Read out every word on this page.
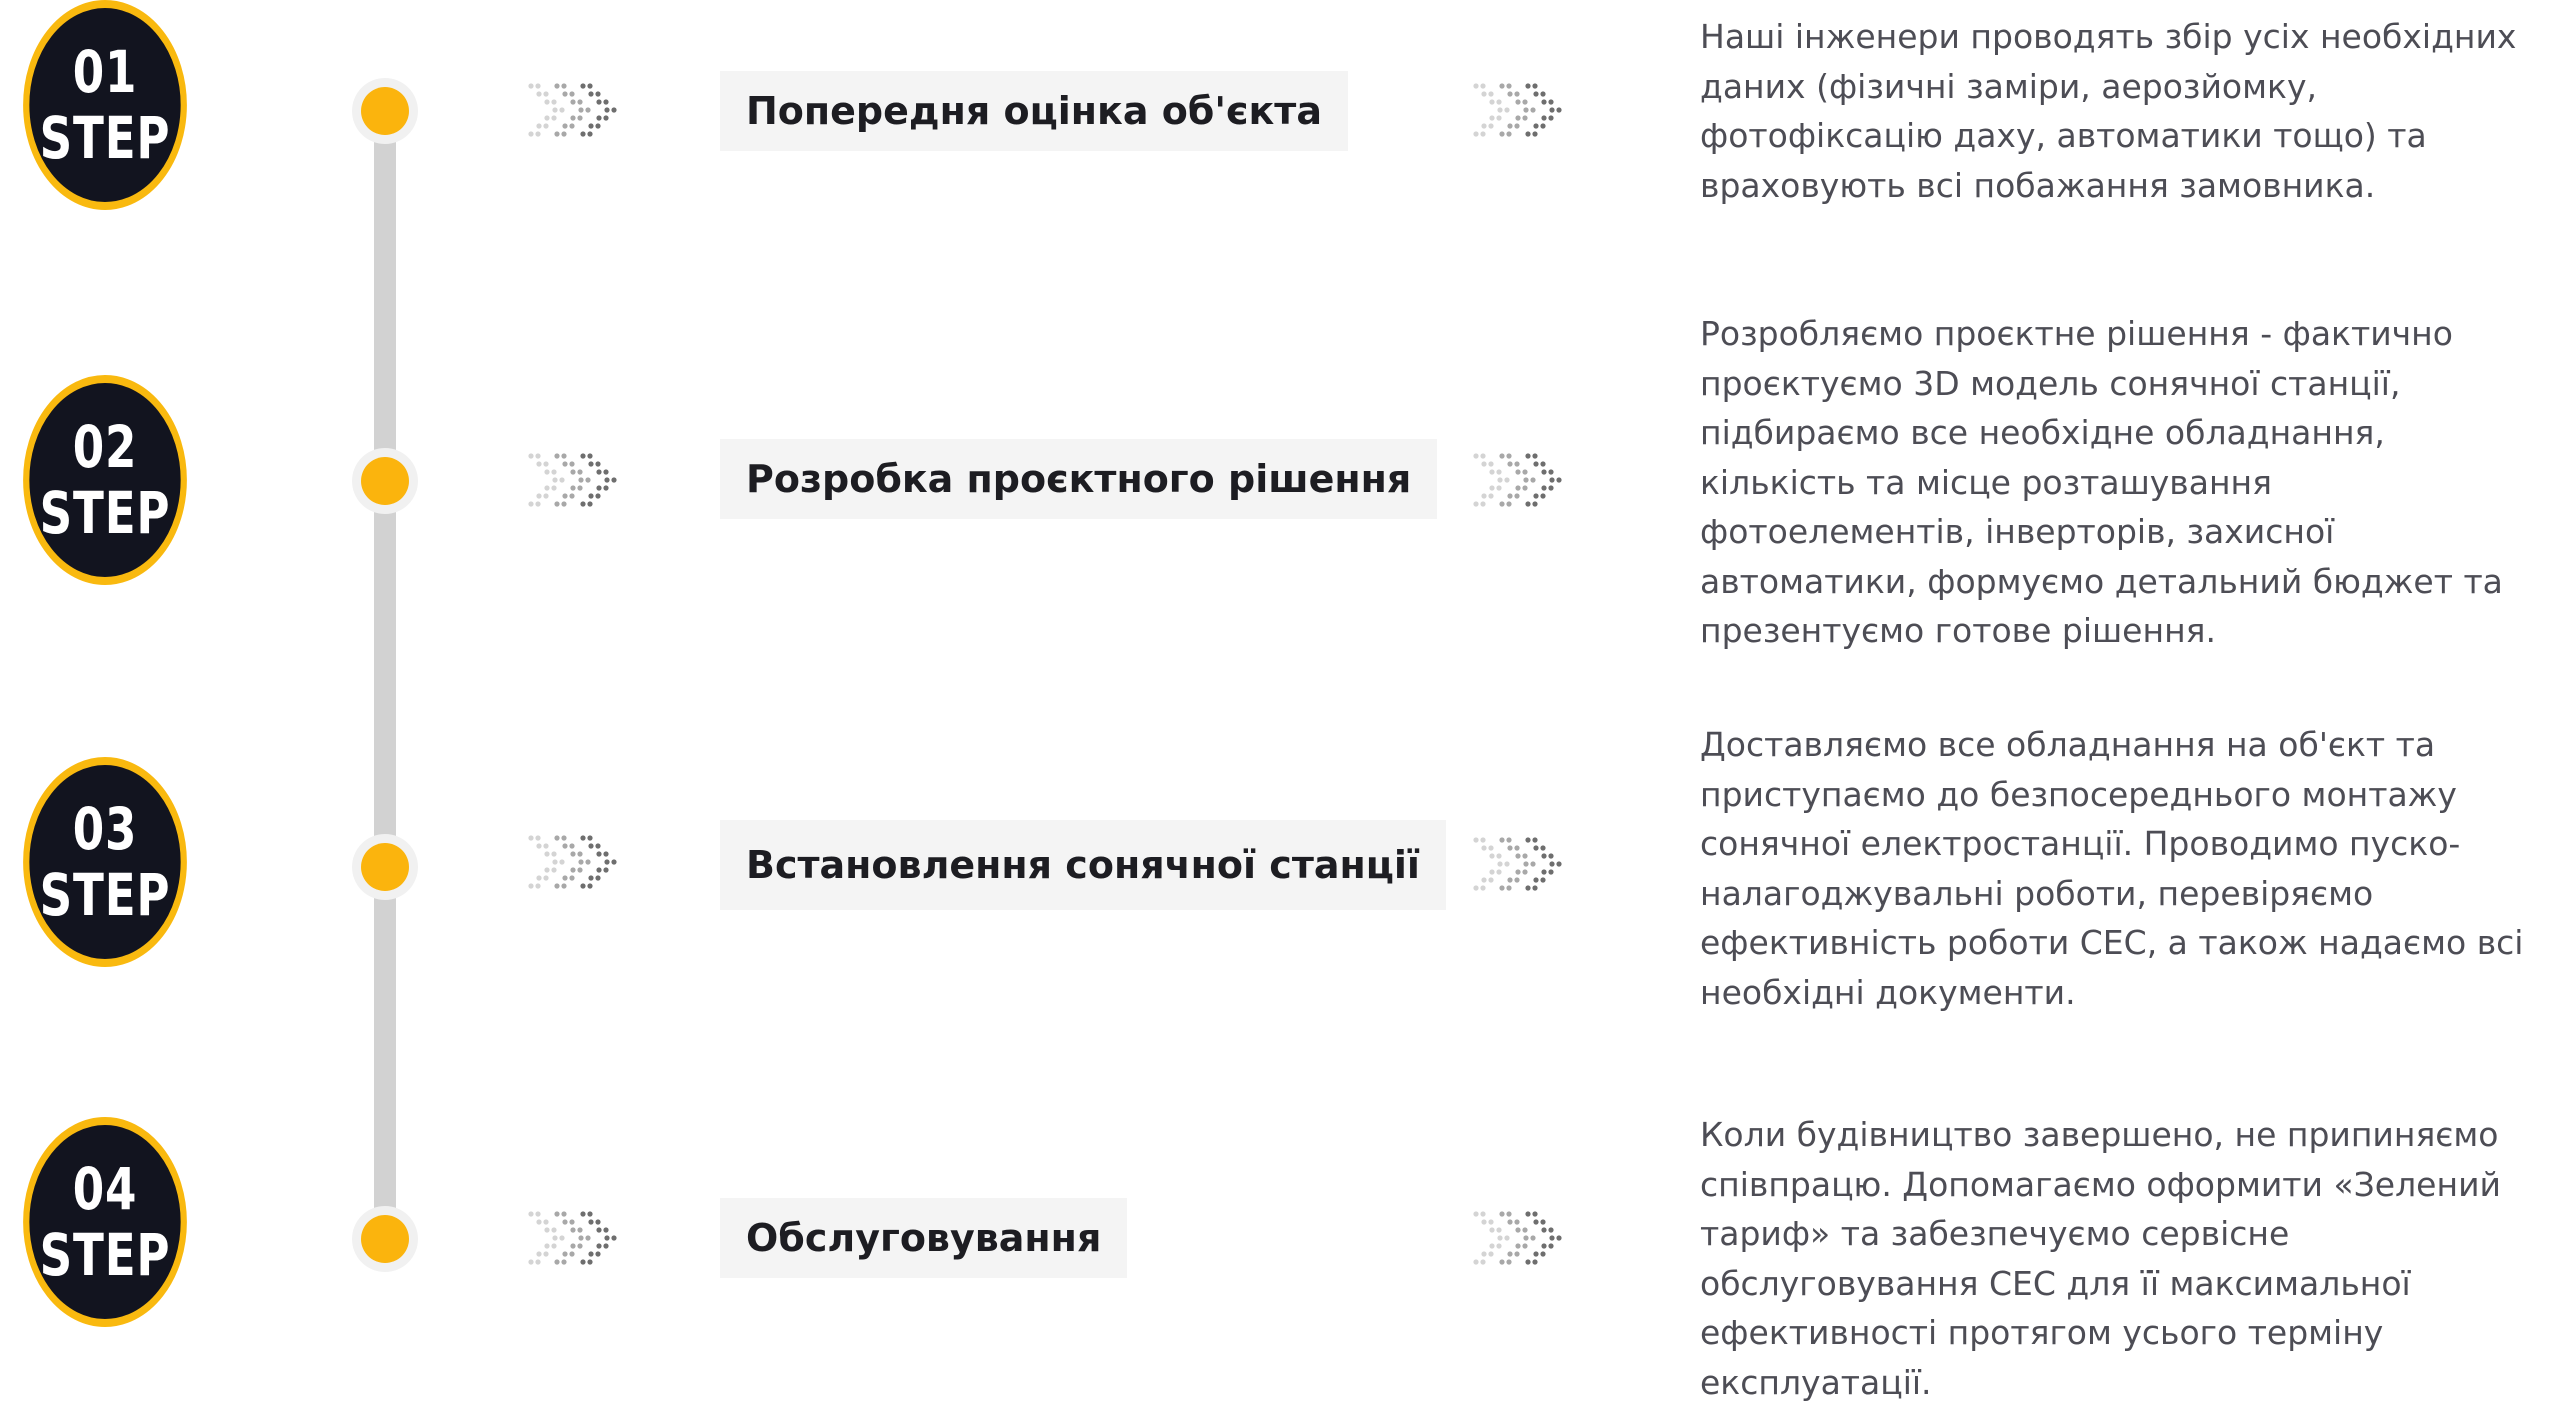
01
STEP	Попередня оцінка об'єкта

Наші інженери проводять збір усіх необхідних даних (фізичні заміри, аерозйомку, фотофіксацію даху, автоматики тощо) та враховують всі побажання замовника.

02
STEP	Розробка проєктного рішення

Розробляємо проєктне рішення - фактично проєктуємо 3D модель сонячної станції, підбираємо все необхідне обладнання, кількість та місце розташування фотоелементів, інверторів, захисної автоматики, формуємо детальний бюджет та презентуємо готове рішення.

03
STEP	Встановлення сонячної станції

Доставляємо все обладнання на об'єкт та приступаємо до безпосереднього монтажу сонячної електростанції. Проводимо пуско-налагоджувальні роботи, перевіряємо ефективність роботи СЕС, а також надаємо всі необхідні документи.

04
STEP	Обслуговування

Коли будівництво завершено, не припиняємо співпрацю. Допомагаємо оформити «Зелений тариф» та забезпечуємо сервісне обслуговування СЕС для її максимальної ефективності протягом усього терміну експлуатації.
